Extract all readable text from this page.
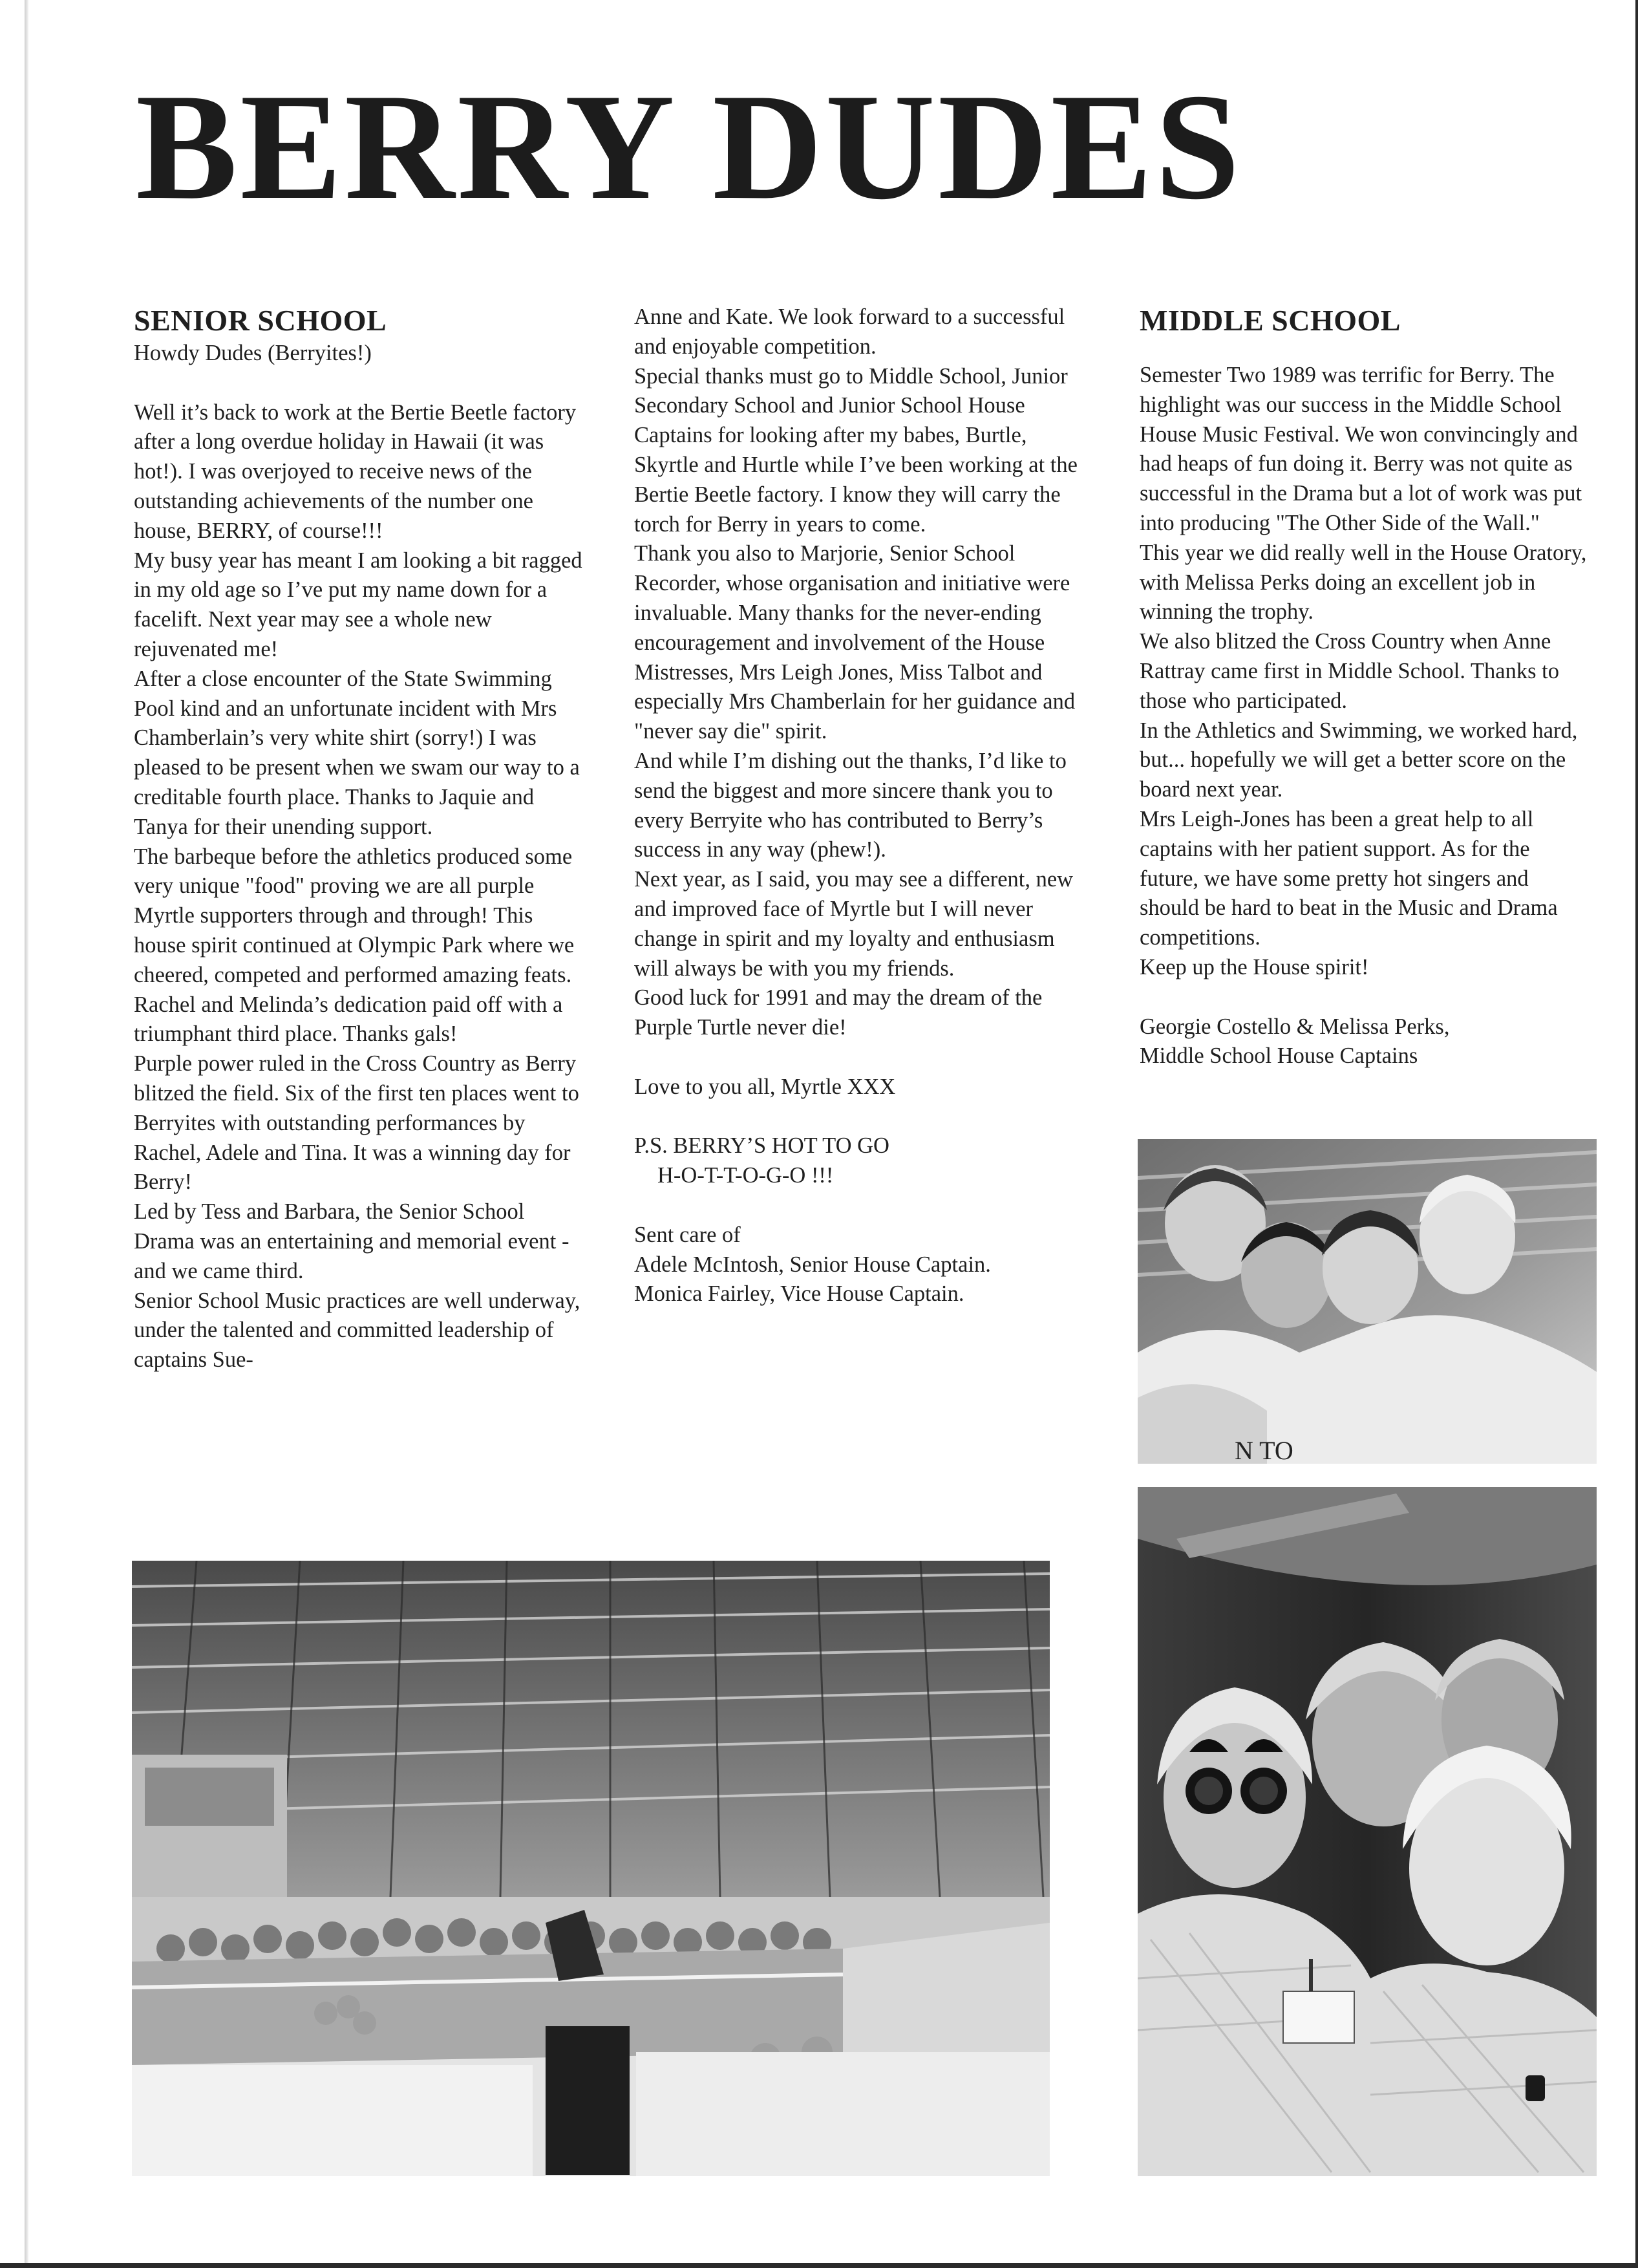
BERRY DUDES

SENIOR SCHOOL

Howdy Dudes (Berryites!)

Well it’s back to work at the Bertie Beetle factory after a long overdue holiday in Hawaii (it was hot!). I was overjoyed to receive news of the outstanding achievements of the number one house, BERRY, of course!!!

My busy year has meant I am looking a bit ragged in my old age so I’ve put my name down for a facelift. Next year may see a whole new rejuvenated me!

After a close encounter of the State Swimming Pool kind and an unfortunate incident with Mrs Chamberlain’s very white shirt (sorry!) I was pleased to be present when we swam our way to a creditable fourth place. Thanks to Jaquie and Tanya for their unending support.

The barbeque before the athletics produced some very unique "food" proving we are all purple Myrtle supporters through and through! This house spirit continued at Olympic Park where we cheered, competed and performed amazing feats. Rachel and Melinda’s dedication paid off with a triumphant third place. Thanks gals!

Purple power ruled in the Cross Country as Berry blitzed the field. Six of the first ten places went to Berryites with outstanding performances by Rachel, Adele and Tina. It was a winning day for Berry!

Led by Tess and Barbara, the Senior School Drama was an entertaining and memorial event - and we came third.

Senior School Music practices are well underway, under the talented and committed leadership of captains Sue-

Anne and Kate. We look forward to a successful and enjoyable competition.

Special thanks must go to Middle School, Junior Secondary School and Junior School House Captains for looking after my babes, Burtle, Skyrtle and Hurtle while I’ve been working at the Bertie Beetle factory. I know they will carry the torch for Berry in years to come.

Thank you also to Marjorie, Senior School Recorder, whose organisation and initiative were invaluable. Many thanks for the never-ending encouragement and involvement of the House Mistresses, Mrs Leigh Jones, Miss Talbot and especially Mrs Chamberlain for her guidance and "never say die" spirit.

And while I’m dishing out the thanks, I’d like to send the biggest and more sincere thank you to every Berryite who has contributed to Berry’s success in any way (phew!).

Next year, as I said, you may see a different, new and improved face of Myrtle but I will never change in spirit and my loyalty and enthusiasm will always be with you my friends.

Good luck for 1991 and may the dream of the Purple Turtle never die!

Love to you all, Myrtle XXX

P.S. BERRY’S HOT TO GO

H-O-T-T-O-G-O !!!

Sent care of

Adele McIntosh, Senior House Captain.

Monica Fairley, Vice House Captain.

MIDDLE SCHOOL

Semester Two 1989 was terrific for Berry. The highlight was our success in the Middle School House Music Festival. We won convincingly and had heaps of fun doing it. Berry was not quite as successful in the Drama but a lot of work was put into producing "The Other Side of the Wall."

This year we did really well in the House Oratory, with Melissa Perks doing an excellent job in winning the trophy.

We also blitzed the Cross Country when Anne Rattray came first in Middle School. Thanks to those who participated.

In the Athletics and Swimming, we worked hard, but... hopefully we will get a better score on the board next year.

Mrs Leigh-Jones has been a great help to all captains with her patient support. As for the future, we have some pretty hot singers and should be hard to beat in the Music and Drama competitions.

Keep up the House spirit!

Georgie Costello & Melissa Perks,

Middle School House Captains

N TO
